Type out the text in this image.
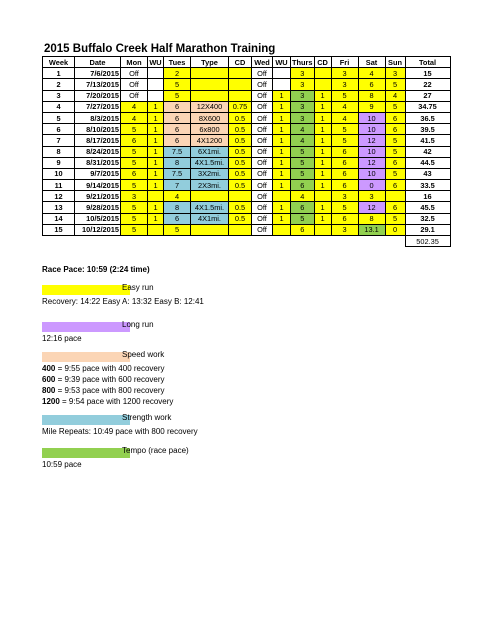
2015 Buffalo Creek Half Marathon Training
Week	Date	Mon	WU	Tues	Type	CD	Wed	WU	Thurs	CD	Fri	Sat	Sun	Total
1	7/6/2015	Off		2			Off		3		3	4	3	15
2	7/13/2015	Off		5			Off		3		3	6	5	22
3	7/20/2015	Off		5			Off	1	3	1	5	8	4	27
4	7/27/2015	4	1	6	12X400	0.75	Off	1	3	1	4	9	5	34.75
5	8/3/2015	4	1	6	8X600	0.5	Off	1	3	1	4	10	6	36.5
6	8/10/2015	5	1	6	6x800	0.5	Off	1	4	1	5	10	6	39.5
7	8/17/2015	6	1	6	4X1200	0.5	Off	1	4	1	5	12	5	41.5
8	8/24/2015	5	1	7.5	6X1mi.	0.5	Off	1	5	1	6	10	5	42
9	8/31/2015	5	1	8	4X1.5mi.	0.5	Off	1	5	1	6	12	6	44.5
10	9/7/2015	6	1	7.5	3X2mi.	0.5	Off	1	5	1	6	10	5	43
11	9/14/2015	5	1	7	2X3mi.	0.5	Off	1	6	1	6	0	6	33.5
12	9/21/2015	3		4			Off		4		3	3		16
13	9/28/2015	5	1	8	4X1.5mi.	0.5	Off	1	6	1	5	12	6	45.5
14	10/5/2015	5	1	6	4X1mi.	0.5	Off	1	5	1	6	8	5	32.5
15	10/12/2015	5		5			Off		6		3	13.1	0	29.1
														502.35
Race Pace: 10:59 (2:24 time)
Easy run
Recovery: 14:22 Easy A: 13:32 Easy B: 12:41
Long run
12:16 pace
Speed work
400 = 9:55 pace with 400 recovery
600 = 9:39 pace with 600 recovery
800 = 9:53 pace with 800 recovery
1200 = 9:54 pace with 1200 recovery
Strength work
Mile Repeats: 10:49 pace with 800 recovery
Tempo (race pace)
10:59 pace
